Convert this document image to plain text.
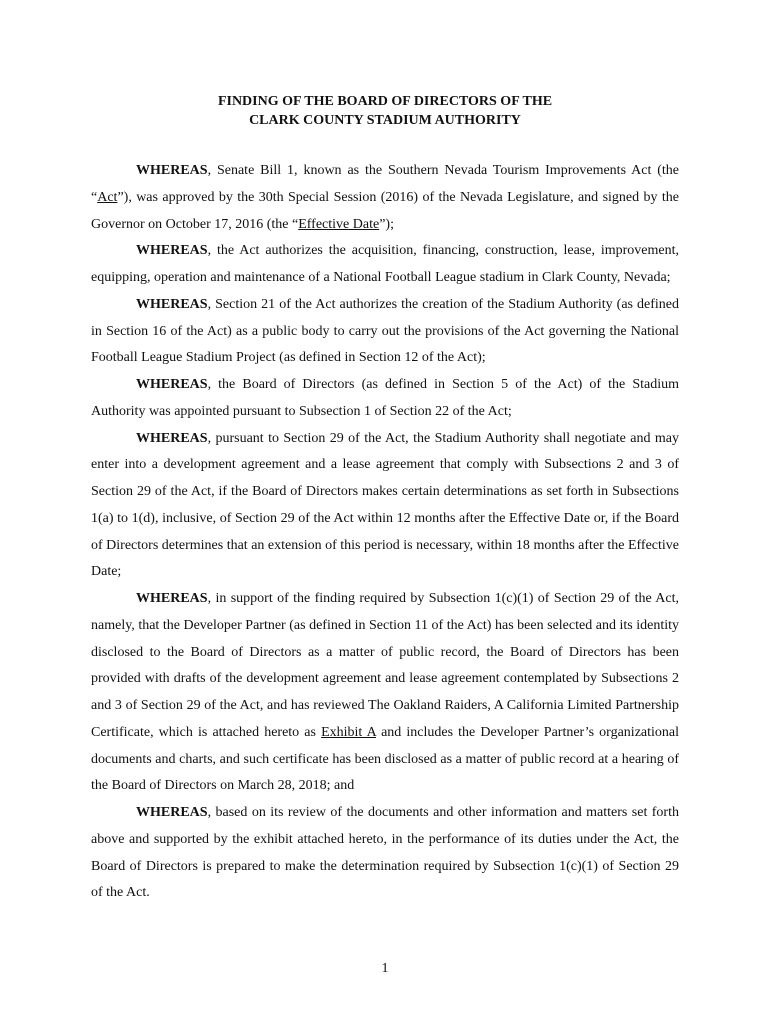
FINDING OF THE BOARD OF DIRECTORS OF THE
CLARK COUNTY STADIUM AUTHORITY

WHEREAS, Senate Bill 1, known as the Southern Nevada Tourism Improvements Act (the “Act”), was approved by the 30th Special Session (2016) of the Nevada Legislature, and signed by the Governor on October 17, 2016 (the “Effective Date”);

WHEREAS, the Act authorizes the acquisition, financing, construction, lease, improvement, equipping, operation and maintenance of a National Football League stadium in Clark County, Nevada;

WHEREAS, Section 21 of the Act authorizes the creation of the Stadium Authority (as defined in Section 16 of the Act) as a public body to carry out the provisions of the Act governing the National Football League Stadium Project (as defined in Section 12 of the Act);

WHEREAS, the Board of Directors (as defined in Section 5 of the Act) of the Stadium Authority was appointed pursuant to Subsection 1 of Section 22 of the Act;

WHEREAS, pursuant to Section 29 of the Act, the Stadium Authority shall negotiate and may enter into a development agreement and a lease agreement that comply with Subsections 2 and 3 of Section 29 of the Act, if the Board of Directors makes certain determinations as set forth in Subsections 1(a) to 1(d), inclusive, of Section 29 of the Act within 12 months after the Effective Date or, if the Board of Directors determines that an extension of this period is necessary, within 18 months after the Effective Date;

WHEREAS, in support of the finding required by Subsection 1(c)(1) of Section 29 of the Act, namely, that the Developer Partner (as defined in Section 11 of the Act) has been selected and its identity disclosed to the Board of Directors as a matter of public record, the Board of Directors has been provided with drafts of the development agreement and lease agreement contemplated by Subsections 2 and 3 of Section 29 of the Act, and has reviewed The Oakland Raiders, A California Limited Partnership Certificate, which is attached hereto as Exhibit A and includes the Developer Partner’s organizational documents and charts, and such certificate has been disclosed as a matter of public record at a hearing of the Board of Directors on March 28, 2018; and

WHEREAS, based on its review of the documents and other information and matters set forth above and supported by the exhibit attached hereto, in the performance of its duties under the Act, the Board of Directors is prepared to make the determination required by Subsection 1(c)(1) of Section 29 of the Act.

1
